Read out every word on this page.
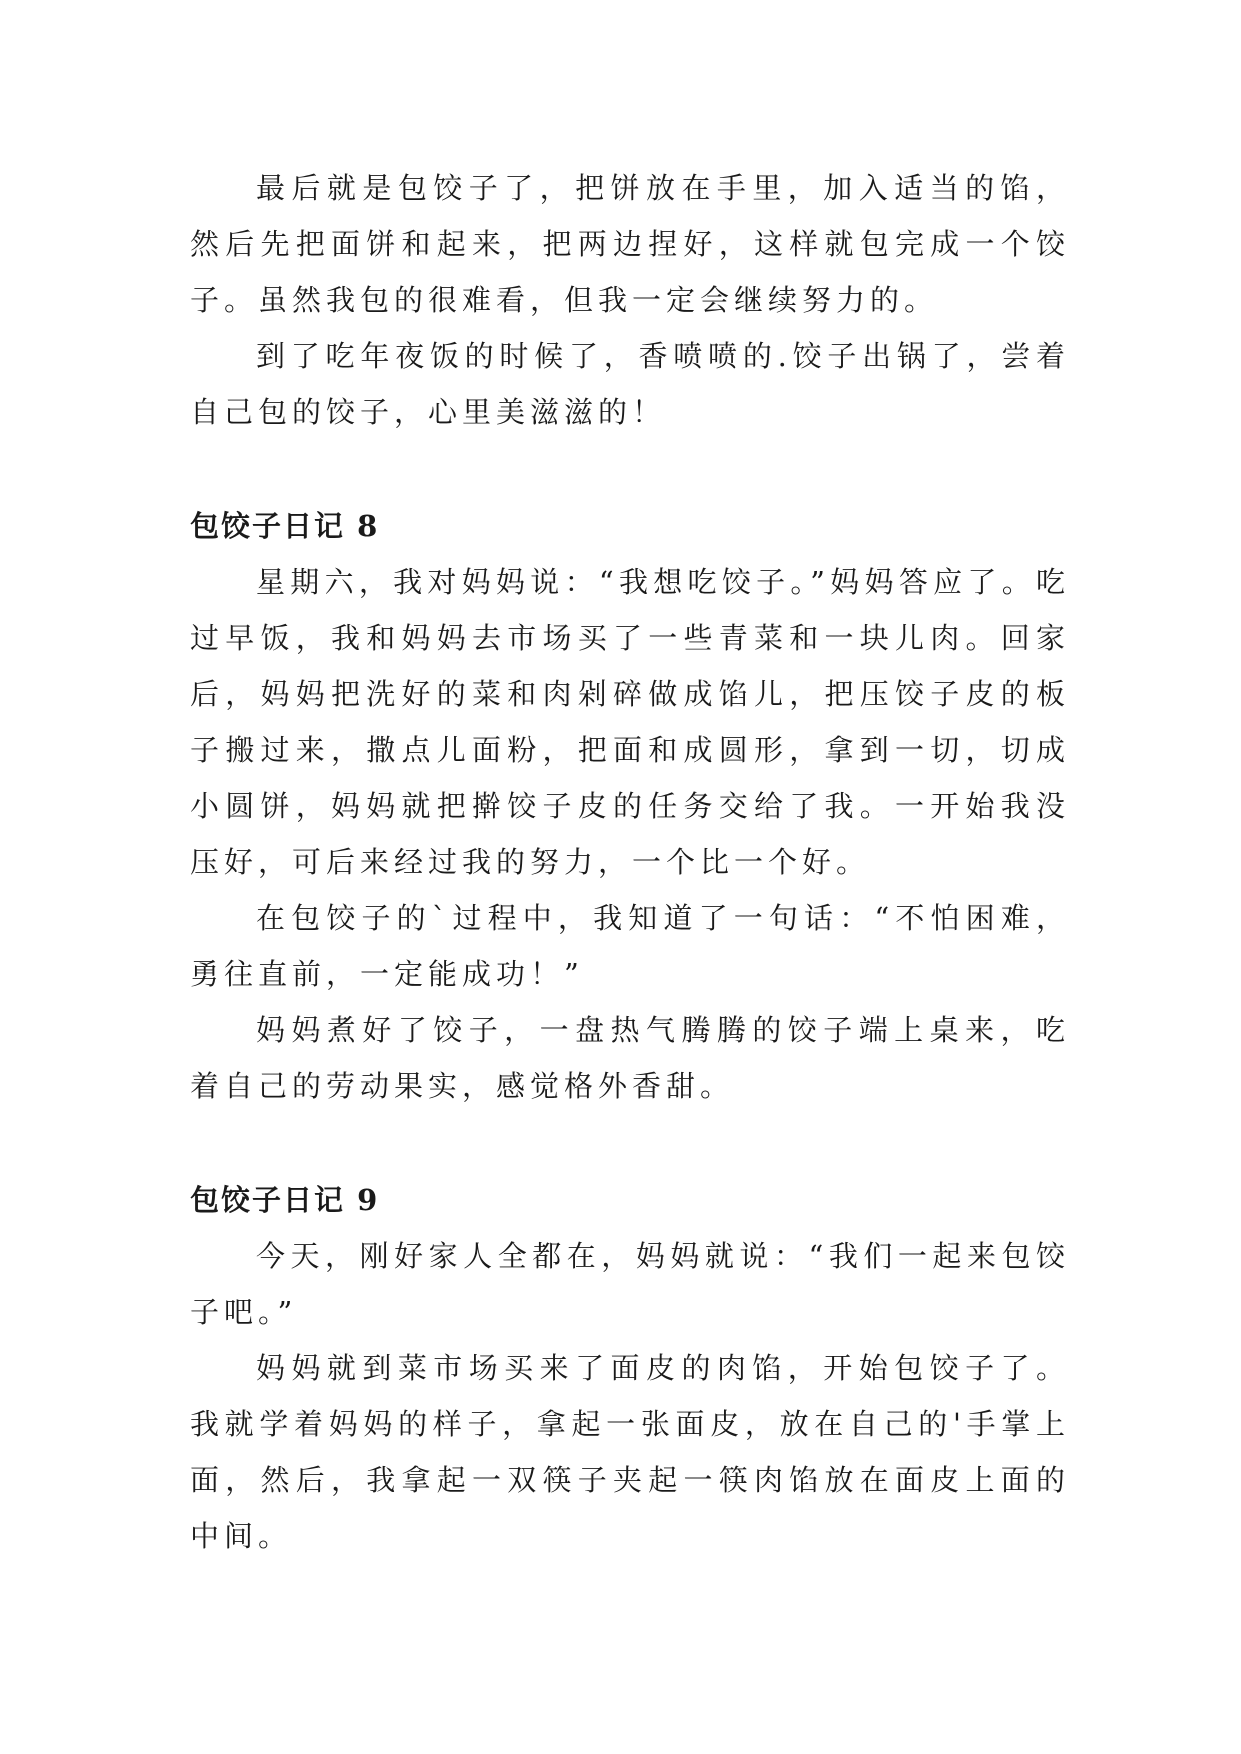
最后就是包饺子了，把饼放在手里，加入适当的馅，然后先把面饼和起来，把两边捏好，这样就包完成一个饺子。虽然我包的很难看，但我一定会继续努力的。

到了吃年夜饭的时候了，香喷喷的.饺子出锅了，尝着自己包的饺子，心里美滋滋的！

包饺子日记 8

星期六，我对妈妈说：“我想吃饺子。”妈妈答应了。吃过早饭，我和妈妈去市场买了一些青菜和一块儿肉。回家后，妈妈把洗好的菜和肉剁碎做成馅儿，把压饺子皮的板子搬过来，撒点儿面粉，把面和成圆形，拿到一切，切成小圆饼，妈妈就把擀饺子皮的任务交给了我。一开始我没压好，可后来经过我的努力，一个比一个好。

在包饺子的`过程中，我知道了一句话：“不怕困难，勇往直前，一定能成功！”

妈妈煮好了饺子，一盘热气腾腾的饺子端上桌来，吃着自己的劳动果实，感觉格外香甜。

包饺子日记 9

今天，刚好家人全都在，妈妈就说：“我们一起来包饺子吧。”

妈妈就到菜市场买来了面皮的肉馅，开始包饺子了。我就学着妈妈的样子，拿起一张面皮，放在自己的'手掌上面，然后，我拿起一双筷子夹起一筷肉馅放在面皮上面的中间。
